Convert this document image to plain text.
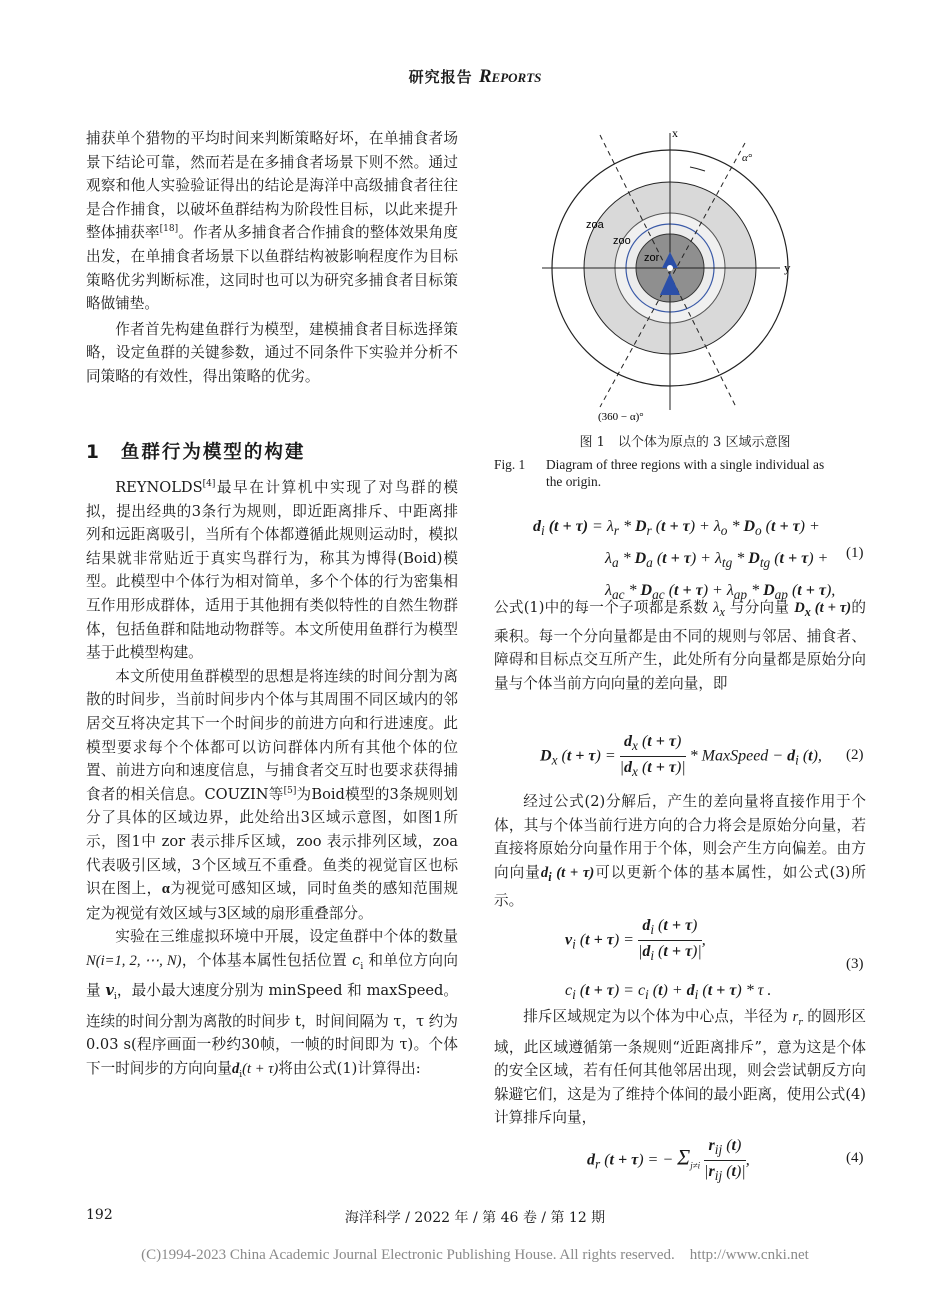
研究报告 REPORTS

捕获单个猎物的平均时间来判断策略好坏，在单捕食者场景下结论可靠，然而若是在多捕食者场景下则不然。通过观察和他人实验验证得出的结论是海洋中高级捕食者往往是合作捕食，以破坏鱼群结构为阶段性目标，以此来提升整体捕获率[18]。作者从多捕食者合作捕食的整体效果角度出发，在单捕食者场景下以鱼群结构被影响程度作为目标策略优劣判断标准，这同时也可以为研究多捕食者目标策略做铺垫。

作者首先构建鱼群行为模型，建模捕食者目标选择策略，设定鱼群的关键参数，通过不同条件下实验并分析不同策略的有效性，得出策略的优劣。

1 鱼群行为模型的构建

REYNOLDS[4]最早在计算机中实现了对鸟群的模拟，提出经典的3条行为规则，即近距离排斥、中距离排列和远距离吸引，当所有个体都遵循此规则运动时，模拟结果就非常贴近于真实鸟群行为，称其为博得(Boid)模型。此模型中个体行为相对简单，多个个体的行为密集相互作用形成群体，适用于其他拥有类似特性的自然生物群体，包括鱼群和陆地动物群等。本文所使用鱼群行为模型基于此模型构建。

本文所使用鱼群模型的思想是将连续的时间分割为离散的时间步，当前时间步内个体与其周围不同区域内的邻居交互将决定其下一个时间步的前进方向和行进速度。此模型要求每个个体都可以访问群体内所有其他个体的位置、前进方向和速度信息，与捕食者交互时也要求获得捕食者的相关信息。COUZIN等[5]为Boid模型的3条规则划分了具体的区域边界，此处给出3区域示意图，如图1所示，图1中 zor 表示排斥区域，zoo 表示排列区域，zoa 代表吸引区域，3个区域互不重叠。鱼类的视觉盲区也标识在图上，α为视觉可感知区域，同时鱼类的感知范围规定为视觉有效区域与3区域的扇形重叠部分。

实验在三维虚拟环境中开展，设定鱼群中个体的数量 N(i=1, 2, ⋯, N)，个体基本属性包括位置 $c_i$ 和单位方向向量 $v_i$，最小最大速度分别为 minSpeed 和 maxSpeed。连续的时间分割为离散的时间步 t，时间间隔为 τ，τ 约为0.03 s(程序画面一秒约30帧，一帧的时间即为 τ)。个体下一时间步的方向向量$d_i(t + \tau)$将由公式(1)计算得出:

x
y
α°
zoa
zoo
zor
(360 − α)°
图 1　以个体为原点的 3 区域示意图
Fig. 1 Diagram of three regions with a single individual as
the origin.
$d_i$ $(t + \tau) = \lambda_r * D_r$ $(t + \tau) + \lambda_o * D_o$ (t + τ) +
$\lambda_a * D_a$ $(t + \tau) + \lambda_{tg} * D_{tg}$ (t + τ) +
$\lambda_{ac} * D_{ac}$ $(t + \tau) + \lambda_{ap} * D_{ap}$ (t + τ),
(1)

公式(1)中的每一个子项都是系数 $\lambda_x$ 与分向量 $D_x$ (t + τ)的乘积。每一个分向量都是由不同的规则与邻居、捕食者、障碍和目标点交互所产生，此处所有分向量都是原始分向量与个体当前方向向量的差向量，即

$D_x$ $(t + \tau) = \frac{d_x (t + \tau)}{|d_x (t + \tau)|}$ * MaxSpeed − $d_i$ (t), (2)

经过公式(2)分解后，产生的差向量将直接作用于个体，其与个体当前行进方向的合力将会是原始分向量，若直接将原始分向量作用于个体，则会产生方向偏差。由方向向量$d_i$ (t + τ)可以更新个体的基本属性，如公式(3)所示。

$v_i$ $(t + \tau) = \frac{d_i (t + \tau)}{|d_i (t + \tau)|}$ ,
(3)
$c_i$ $(t + \tau) = c_i$ $(t) + d_i$ (t + τ) * τ .

排斥区域规定为以个体为中心点，半径为 $r_r$ 的圆形区域，此区域遵循第一条规则“近距离排斥”，意为这是个体的安全区域，若有任何其他邻居出现，则会尝试朝反方向躲避它们，这是为了维持个体间的最小距离，使用公式(4)计算排斥向量，

$d_r$ (t + τ) = − $\Sigma_{j\ne i} \frac{r_{ij} (t)}{|r_{ij} (t)|}$ ,	(4)
192	海洋科学 / 2022 年 / 第 46 卷 / 第 12 期
(C)1994-2023 China Academic Journal Electronic Publishing House. All rights reserved.　http://www.cnki.net
